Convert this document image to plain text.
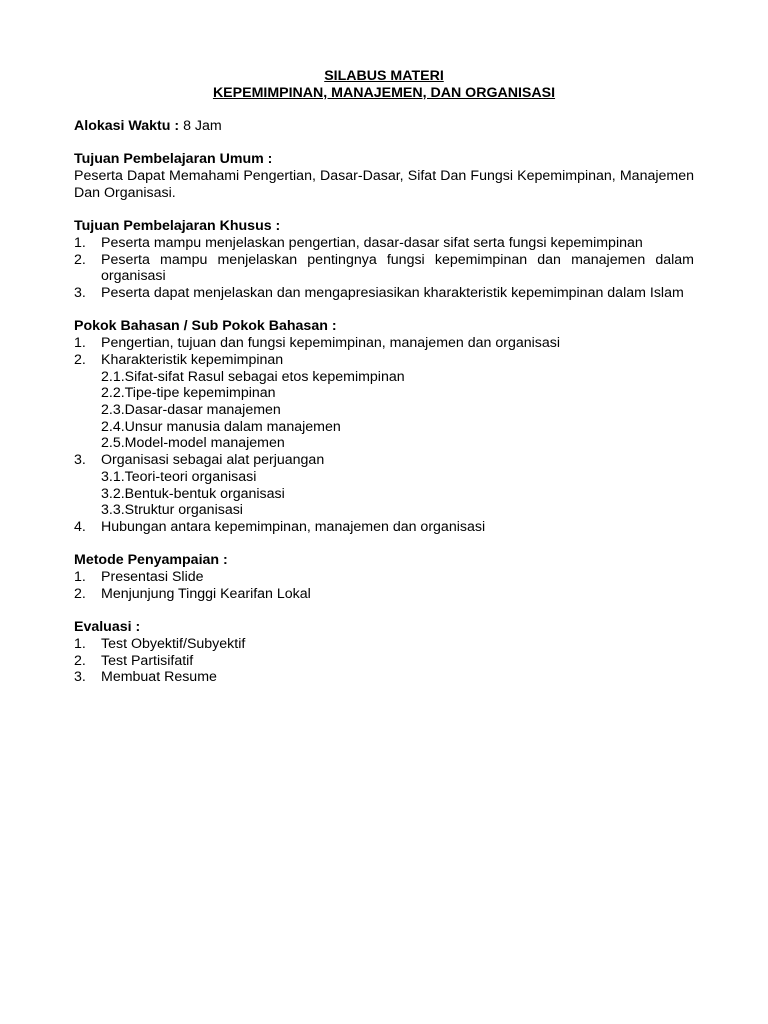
SILABUS MATERI

KEPEMIMPINAN, MANAJEMEN, DAN ORGANISASI

Alokasi Waktu : 8 Jam

Tujuan Pembelajaran Umum :

Peserta Dapat Memahami Pengertian, Dasar-Dasar, Sifat Dan Fungsi Kepemimpinan, Manajemen Dan Organisasi.

Tujuan Pembelajaran Khusus :

1.	Peserta mampu menjelaskan pengertian, dasar-dasar sifat serta fungsi kepemimpinan
2.	Peserta mampu menjelaskan pentingnya fungsi kepemimpinan dan manajemen dalam organisasi
3.	Peserta dapat menjelaskan dan mengapresiasikan kharakteristik kepemimpinan dalam Islam

Pokok Bahasan / Sub Pokok Bahasan :

1.	Pengertian, tujuan dan fungsi kepemimpinan, manajemen dan organisasi
2.	Kharakteristik kepemimpinan
2.1. Sifat-sifat Rasul sebagai etos kepemimpinan
2.2. Tipe-tipe kepemimpinan
2.3. Dasar-dasar manajemen
2.4. Unsur manusia dalam manajemen
2.5. Model-model manajemen
3.	Organisasi sebagai alat perjuangan
3.1. Teori-teori organisasi
3.2. Bentuk-bentuk organisasi
3.3. Struktur organisasi
4.	Hubungan antara kepemimpinan, manajemen dan organisasi

Metode Penyampaian :

1.	Presentasi Slide
2.	Menjunjung Tinggi Kearifan Lokal

Evaluasi :

1.	Test Obyektif/Subyektif
2.	Test Partisifatif
3.	Membuat Resume
